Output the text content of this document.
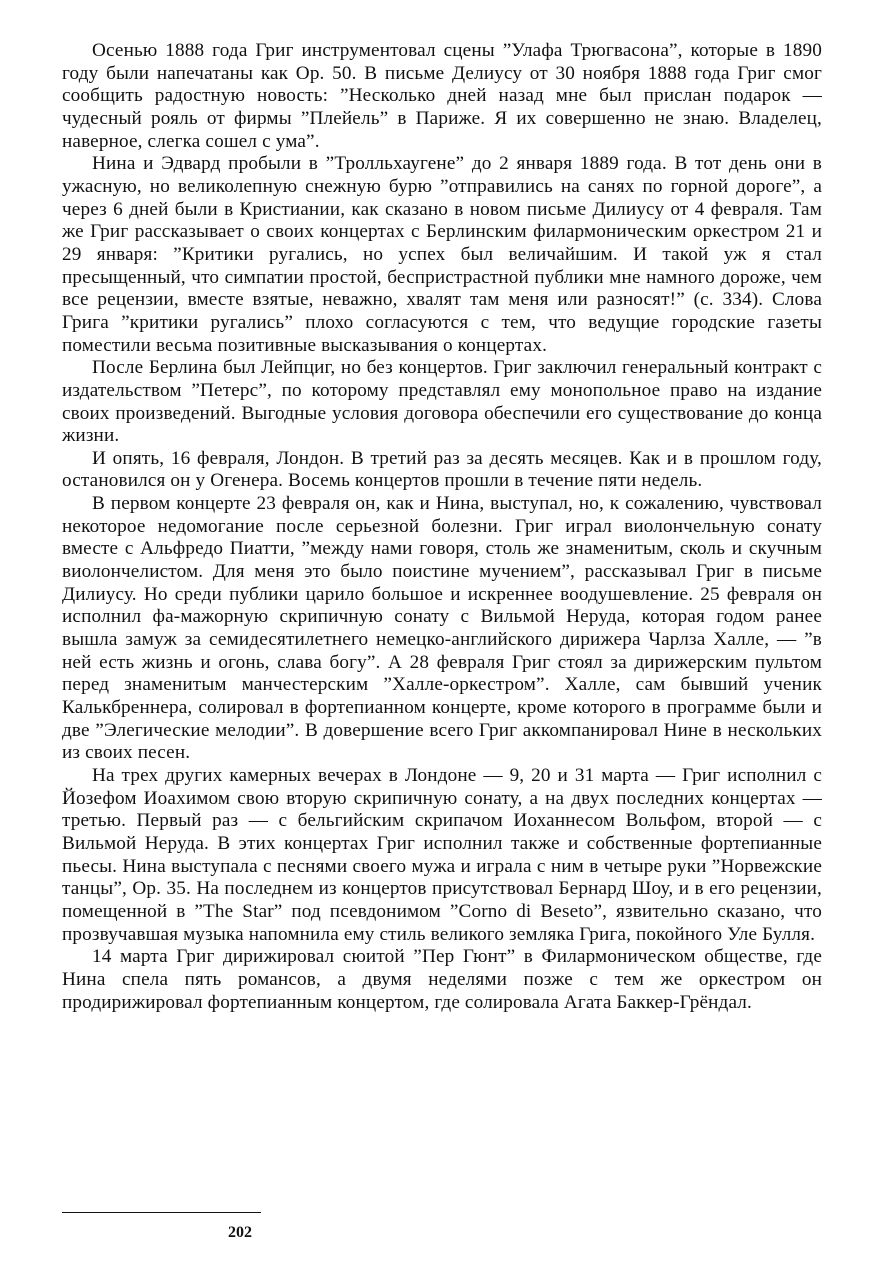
Осенью 1888 года Григ инструментовал сцены ”Улафа Трюгвасона”, которые в 1890 году были напечатаны как Ор. 50. В письме Делиусу от 30 ноября 1888 года Григ смог сообщить радостную новость: ”Несколько дней назад мне был прислан подарок — чудесный рояль от фирмы ”Плейель” в Париже. Я их совершенно не знаю. Владелец, наверное, слегка сошел с ума”.

Нина и Эдвард пробыли в ”Тролльхаугене” до 2 января 1889 года. В тот день они в ужасную, но великолепную снежную бурю ”отправились на санях по горной дороге”, а через 6 дней были в Кристиании, как сказано в новом письме Дилиусу от 4 февраля. Там же Григ рассказывает о своих концертах с Берлинским филармоническим оркестром 21 и 29 января: ”Критики ругались, но успех был величайшим. И такой уж я стал пресыщенный, что симпатии простой, беспристрастной публики мне намного дороже, чем все рецензии, вместе взятые, неважно, хвалят там меня или разносят!” (с. 334). Слова Грига ”критики ругались” плохо согласуются с тем, что ведущие городские газеты поместили весьма позитивные высказывания о концертах.

После Берлина был Лейпциг, но без концертов. Григ заключил генеральный контракт с издательством ”Петерс”, по которому представлял ему монопольное право на издание своих произведений. Выгодные условия договора обеспечили его существование до конца жизни.

И опять, 16 февраля, Лондон. В третий раз за десять месяцев. Как и в прошлом году, остановился он у Огенера. Восемь концертов прошли в течение пяти недель.

В первом концерте 23 февраля он, как и Нина, выступал, но, к сожалению, чувствовал некоторое недомогание после серьезной болезни. Григ играл виолончельную сонату вместе с Альфредо Пиатти, ”между нами говоря, столь же знаменитым, сколь и скучным виолончелистом. Для меня это было поистине мучением”, рассказывал Григ в письме Дилиусу. Но среди публики царило большое и искреннее воодушевление. 25 февраля он исполнил фа-мажорную скрипичную сонату с Вильмой Неруда, которая годом ранее вышла замуж за семидесятилетнего немецко-английского дирижера Чарлза Халле, — ”в ней есть жизнь и огонь, слава богу”. А 28 февраля Григ стоял за дирижерским пультом перед знаменитым манчестерским ”Халле-оркестром”. Халле, сам бывший ученик Калькбреннера, солировал в фортепианном концерте, кроме которого в программе были и две ”Элегические мелодии”. В довершение всего Григ аккомпанировал Нине в нескольких из своих песен.

На трех других камерных вечерах в Лондоне — 9, 20 и 31 марта — Григ исполнил с Йозефом Иоахимом свою вторую скрипичную сонату, а на двух последних концертах — третью. Первый раз — с бельгийским скрипачом Иоханнесом Вольфом, второй — с Вильмой Неруда. В этих концертах Григ исполнил также и собственные фортепианные пьесы. Нина выступала с песнями своего мужа и играла с ним в четыре руки ”Норвежские танцы”, Ор. 35. На последнем из концертов присутствовал Бернард Шоу, и в его рецензии, помещенной в ”The Star” под псевдонимом ”Corno di Beseto”, язвительно сказано, что прозвучавшая музыка напомнила ему стиль великого земляка Грига, покойного Уле Булля.

14 марта Григ дирижировал сюитой ”Пер Гюнт” в Филармоническом обществе, где Нина спела пять романсов, а двумя неделями позже с тем же оркестром он продирижировал фортепианным концертом, где солировала Агата Баккер-Грёндал.

202
